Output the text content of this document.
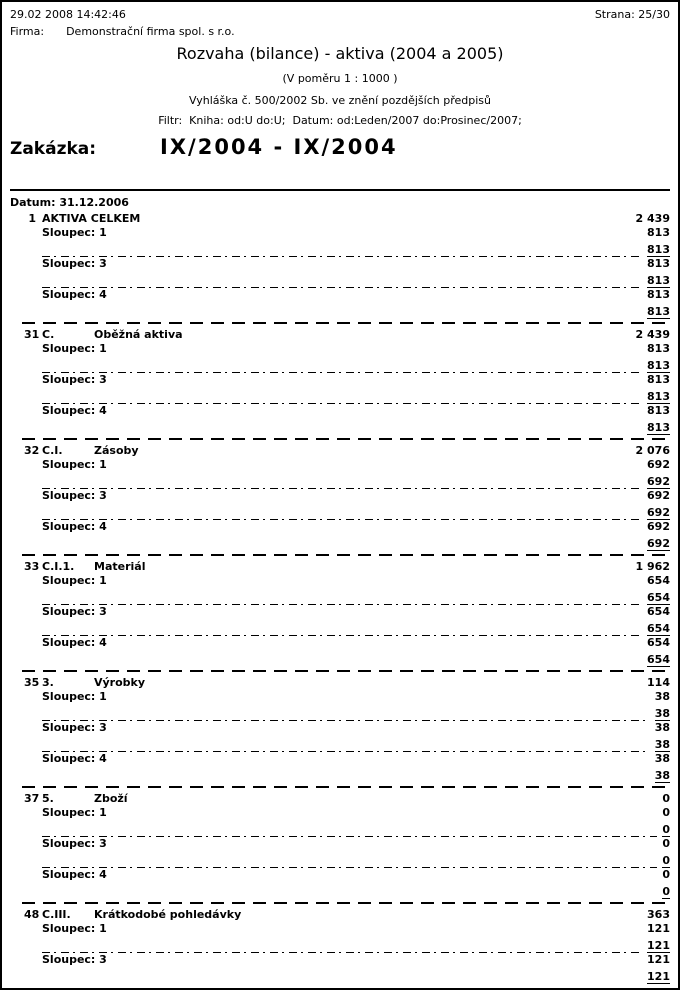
29.02 2008 14:42:46	Strana: 25/30
Firma: Demonstrační firma spol. s r.o.
Rozvaha (bilance) - aktiva (2004 a 2005)
(V poměru 1 : 1000 )
Vyhláška č. 500/2002 Sb. ve znění pozdějších předpisů
Filtr:  Kniha: od:U do:U;  Datum: od:Leden/2007 do:Prosinec/2007;
Zakázka:	IX/2004 - IX/2004
Datum: 31.12.2006
1 AKTIVA CELKEM	2 439
Sloupec: 1	813
813
Sloupec: 3	813
813
Sloupec: 4	813
813
31 C.	Oběžná aktiva	2 439
Sloupec: 1	813
813
Sloupec: 3	813
813
Sloupec: 4	813
813
32 C.I.	Zásoby	2 076
Sloupec: 1	692
692
Sloupec: 3	692
692
Sloupec: 4	692
692
33 C.I.1.	Materiál	1 962
Sloupec: 1	654
654
Sloupec: 3	654
654
Sloupec: 4	654
654
35 3.	Výrobky	114
Sloupec: 1	38
38
Sloupec: 3	38
38
Sloupec: 4	38
38
37 5.	Zboží	0
Sloupec: 1	0
0
Sloupec: 3	0
0
Sloupec: 4	0
0
48 C.III.	Krátkodobé pohledávky	363
Sloupec: 1	121
121
Sloupec: 3	121
121
